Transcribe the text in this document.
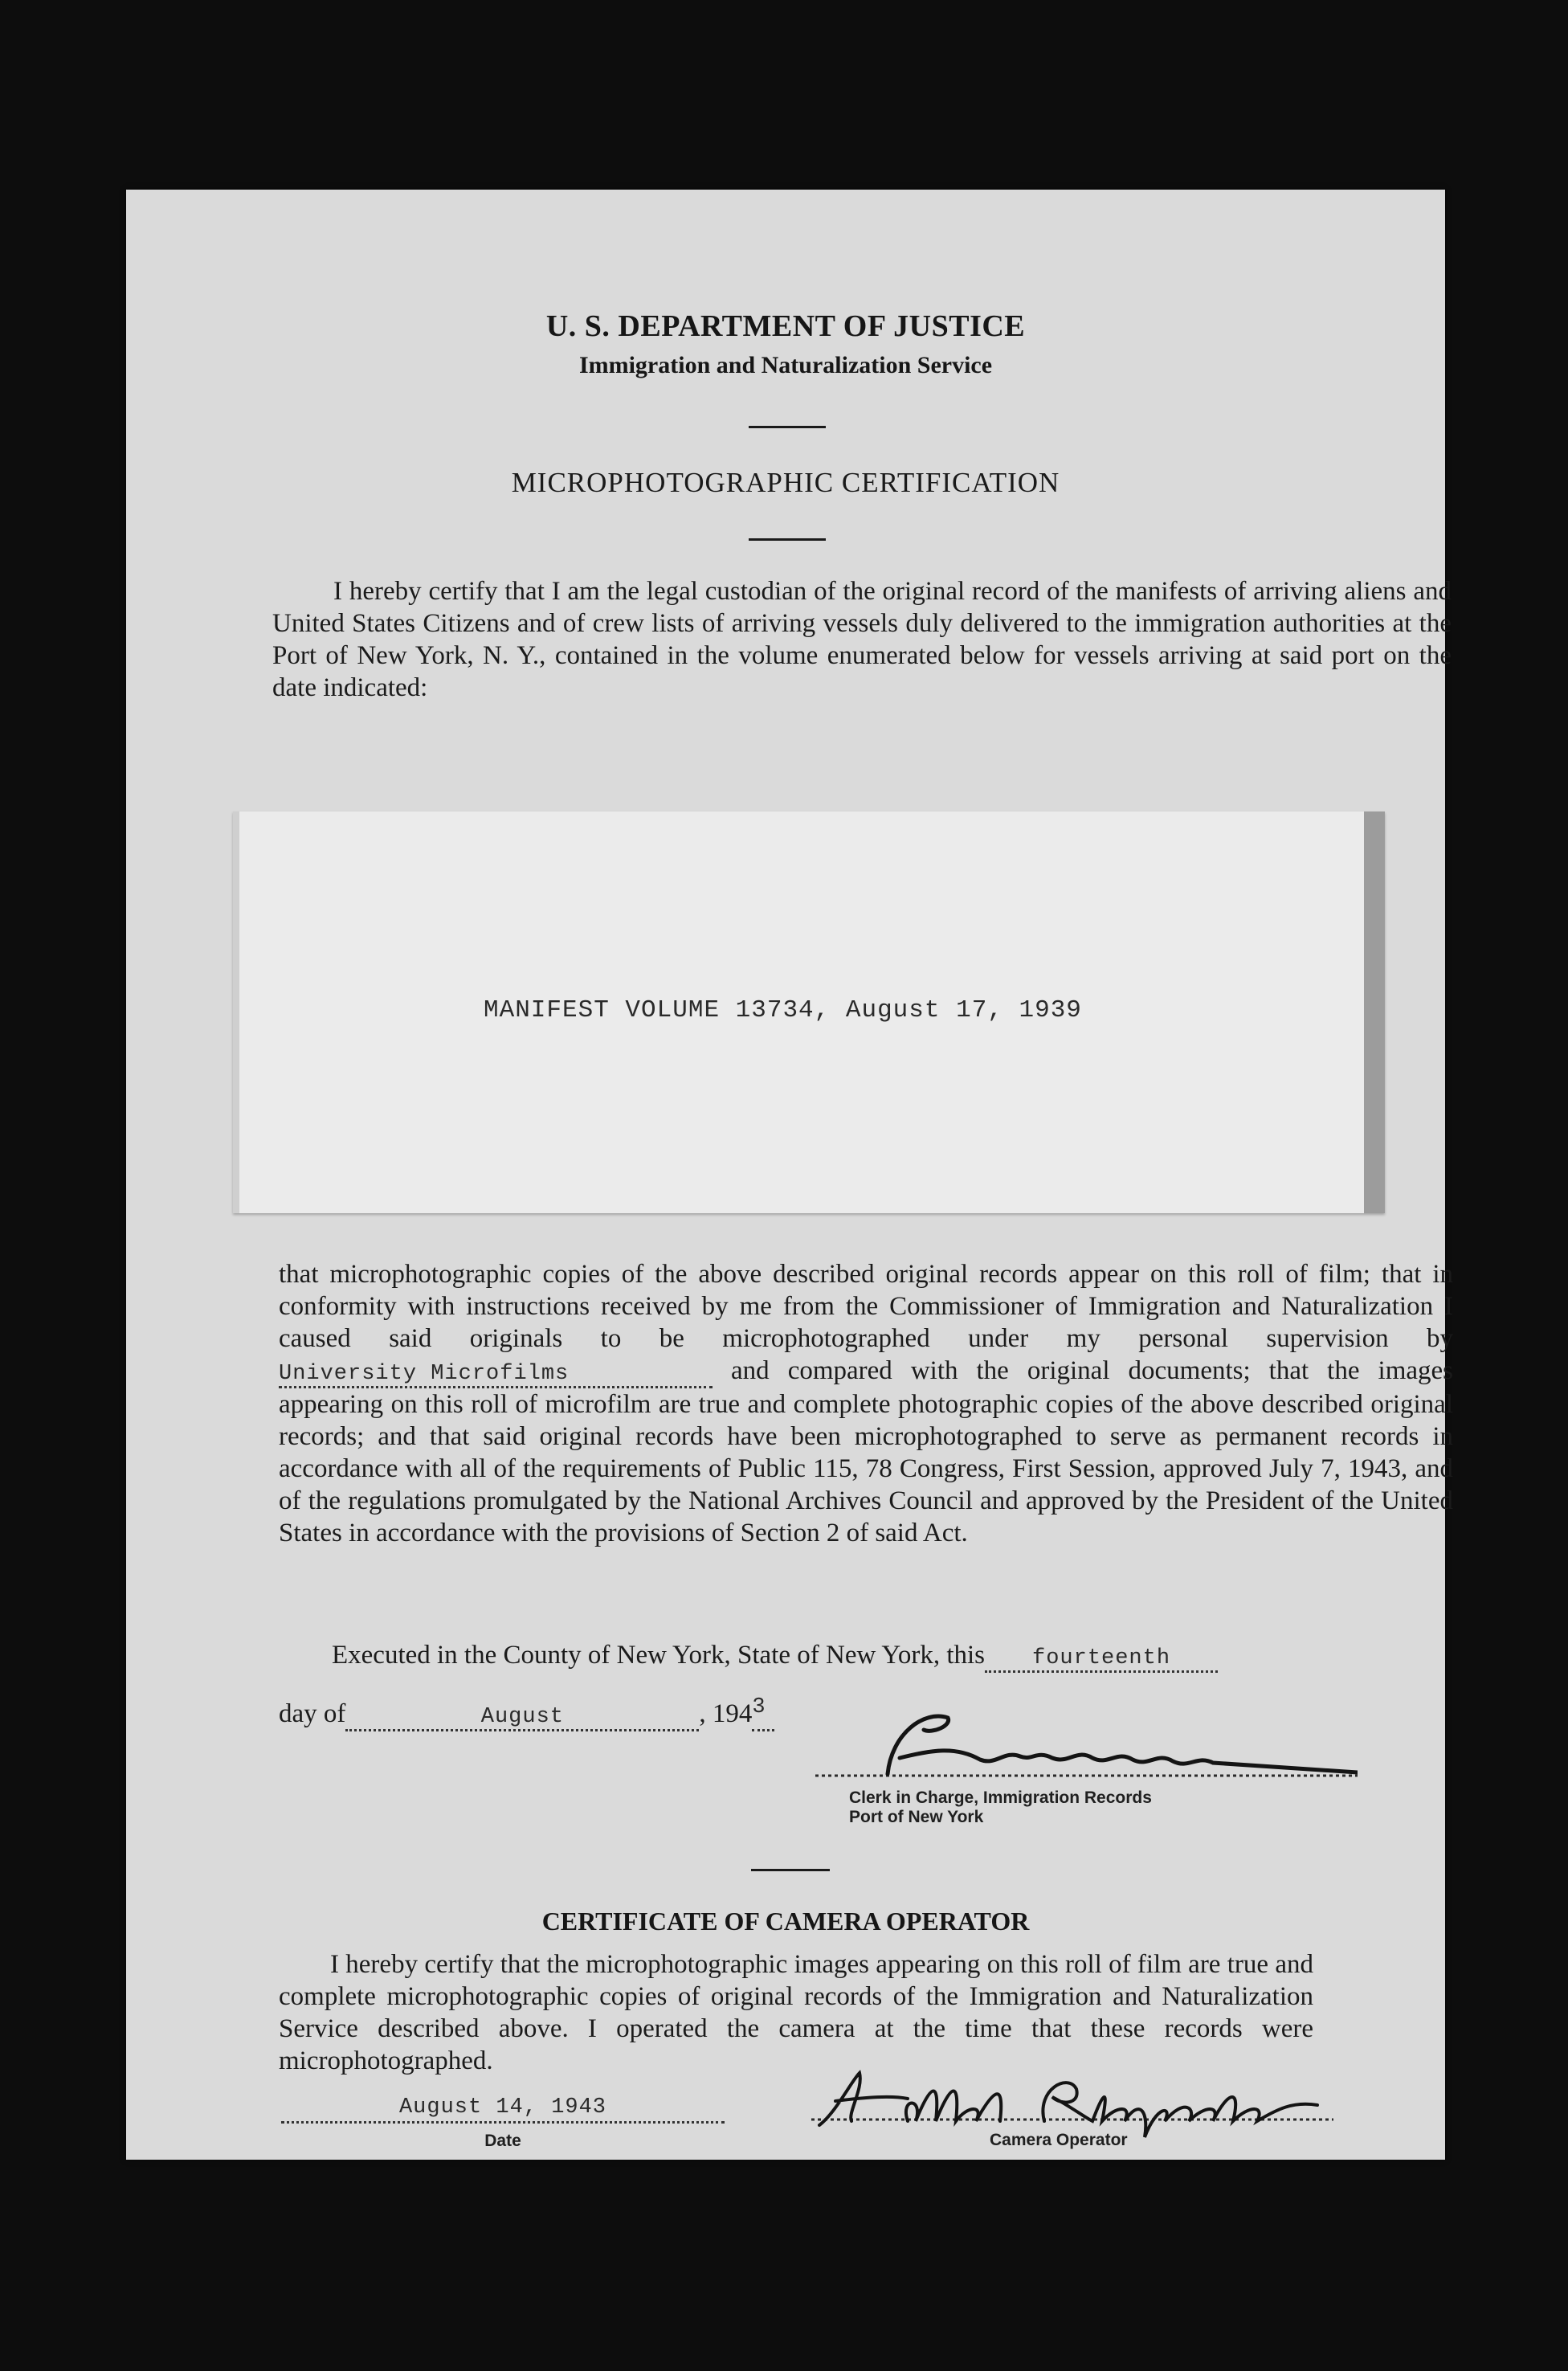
U. S. DEPARTMENT OF JUSTICE
Immigration and Naturalization Service
MICROPHOTOGRAPHIC CERTIFICATION
I hereby certify that I am the legal custodian of the original record of the manifests of arriving aliens and United States Citizens and of crew lists of arriving vessels duly delivered to the immigration authorities at the Port of New York, N. Y., contained in the volume enumerated below for vessels arriving at said port on the date indicated:
MANIFEST VOLUME 13734, August 17, 1939
that microphotographic copies of the above described original records appear on this roll of film; that in conformity with instructions received by me from the Commissioner of Immigration and Naturalization I caused said originals to be microphotographed under my personal supervision by University Microfilms	and compared with the original documents; that the images appearing on this roll of microfilm are true and complete photographic copies of the above described original records; and that said original records have been microphotographed to serve as permanent records in accordance with all of the requirements of Public 115, 78 Congress, First Session, approved July 7, 1943, and of the regulations promulgated by the National Archives Council and approved by the President of the United States in accordance with the provisions of Section 2 of said Act.
Executed in the County of New York, State of New York, this fourteenth
day of	August	, $194^3$
Clerk in Charge, Immigration Records
Port of New York
CERTIFICATE OF CAMERA OPERATOR
I hereby certify that the microphotographic images appearing on this roll of film are true and complete microphotographic copies of original records of the Immigration and Naturalization Service described above. I operated the camera at the time that these records were microphotographed.
August 14, 1943
Date	Camera Operator
